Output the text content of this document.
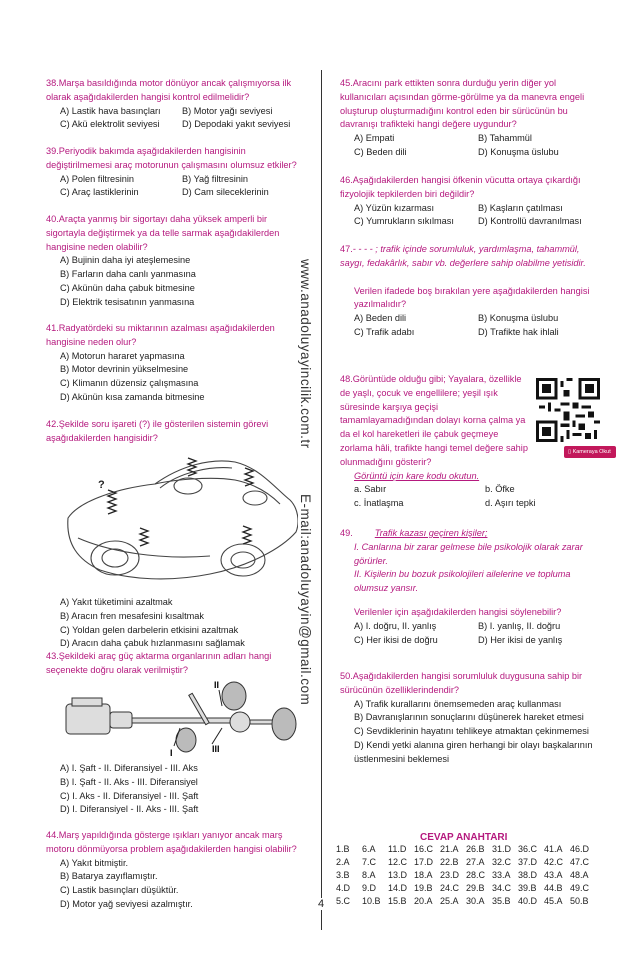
38.Marşa basıldığında motor dönüyor ancak çalışmıyorsa ilk olarak aşağıdakilerden hangisi kontrol edilmelidir?
A) Lastik hava basınçları	B) Motor yağı seviyesi
C) Akü elektrolit seviyesi	D) Depodaki yakıt seviyesi
39.Periyodik bakımda aşağıdakilerden hangisinin değiştirilmemesi araç motorunun çalışmasını olumsuz etkiler?
A) Polen filtresinin	B) Yağ filtresinin
C) Araç lastiklerinin	D) Cam sileceklerinin
40.Araçta yanmış bir sigortayı daha yüksek amperli bir sigortayla değiştirmek ya da telle sarmak aşağıdakilerden hangisine neden olabilir?
A) Bujinin daha iyi ateşlemesine
B) Farların daha canlı yanmasına
C) Akünün daha çabuk bitmesine
D) Elektrik tesisatının yanmasına
41.Radyatördeki su miktarının azalması aşağıdakilerden hangisine neden olur?
A) Motorun hararet yapmasına
B) Motor devrinin yükselmesine
C) Klimanın düzensiz çalışmasına
D) Akünün kısa zamanda bitmesine
42.Şekilde soru işareti (?) ile gösterilen sistemin görevi aşağıdakilerden hangisidir?
?
A) Yakıt tüketimini azaltmak
B) Aracın fren mesafesini kısaltmak
C) Yoldan gelen darbelerin etkisini azaltmak
D) Aracın daha çabuk hızlanmasını sağlamak
43.Şekildeki araç güç aktarma organlarının adları hangi seçenekte doğru olarak verilmiştir?
I
II
III
A) I. Şaft - II. Diferansiyel - III. Aks
B) I. Şaft - II. Aks - III. Diferansiyel
C) I. Aks - II. Diferansiyel - III. Şaft
D) I. Diferansiyel - II. Aks - III. Şaft
44.Marş yapıldığında gösterge ışıkları yanıyor ancak marş motoru dönmüyorsa problem aşağıdakilerden hangisi olabilir?
A) Yakıt bitmiştir.
B) Batarya zayıflamıştır.
C) Lastik basınçları düşüktür.
D) Motor yağ seviyesi azalmıştır.
www.anadoluyayincilik.com.tr
E-mail:anadoluyayin@gmail.com
4
45.Aracını park ettikten sonra durduğu yerin diğer yol kullanıcıları açısından görme-görülme ya da manevra engeli oluşturup oluşturmadığını kontrol eden bir sürücünün bu davranışı trafikteki hangi değere uygundur?
A) Empati	B) Tahammül
C) Beden dili	D) Konuşma üslubu
46.Aşağıdakilerden hangisi öfkenin vücutta ortaya çıkardığı fizyolojik tepkilerden biri değildir?
A) Yüzün kızarması	B) Kaşların çatılması
C) Yumrukların sıkılması	D) Kontrollü davranılması
47.- - - - ; trafik içinde sorumluluk, yardımlaşma, tahammül, saygı, fedakârlık, sabır vb. değerlere sahip olabilme yetisidir.
Verilen ifadede boş bırakılan yere aşağıdakilerden hangisi yazılmalıdır?
A) Beden dili	B) Konuşma üslubu
C) Trafik adabı	D) Trafikte hak ihlali
48.Görüntüde olduğu gibi; Yayalara, özellikle de yaşlı, çocuk ve engellilere; yeşil ışık süresinde karşıya geçişi tamamlayamadığından dolayı korna çalma ya da el kol hareketleri ile çabuk geçmeye zorlama hâli, trafikte hangi temel değere sahip olunmadığını gösterir?
Görüntü için kare kodu okutun.
a. Sabır	b. Öfke
c. İnatlaşma	d. Aşırı tepki
▯ Kameraya Okut
49. Trafik kazası geçiren kişiler;
I. Canlarına bir zarar gelmese bile psikolojik olarak zarar görürler.
II. Kişilerin bu bozuk psikolojileri ailelerine ve topluma olumsuz yansır.
Verilenler için aşağıdakilerden hangisi söylenebilir?
A) I. doğru, II. yanlış	B) I. yanlış, II. doğru
C) Her ikisi de doğru	D) Her ikisi de yanlış
50.Aşağıdakilerden hangisi sorumluluk duygusuna sahip bir sürücünün özelliklerindendir?
A) Trafik kurallarını önemsemeden araç kullanması
B) Davranışlarının sonuçlarını düşünerek hareket etmesi
C) Sevdiklerinin hayatını tehlikeye atmaktan çekinmemesi
D) Kendi yetki alanına giren herhangi bir olayı başkalarının üstlenmesini beklemesi
CEVAP ANAHTARI
1.B	6.A	11.D	16.C	21.A	26.B	31.D	36.C	41.A	46.D
2.A	7.C	12.C	17.D	22.B	27.A	32.C	37.D	42.C	47.C
3.B	8.A	13.D	18.A	23.D	28.C	33.A	38.D	43.A	48.A
4.D	9.D	14.D	19.B	24.C	29.B	34.C	39.B	44.B	49.C
5.C	10.B	15.B	20.A	25.A	30.A	35.B	40.D	45.A	50.B
